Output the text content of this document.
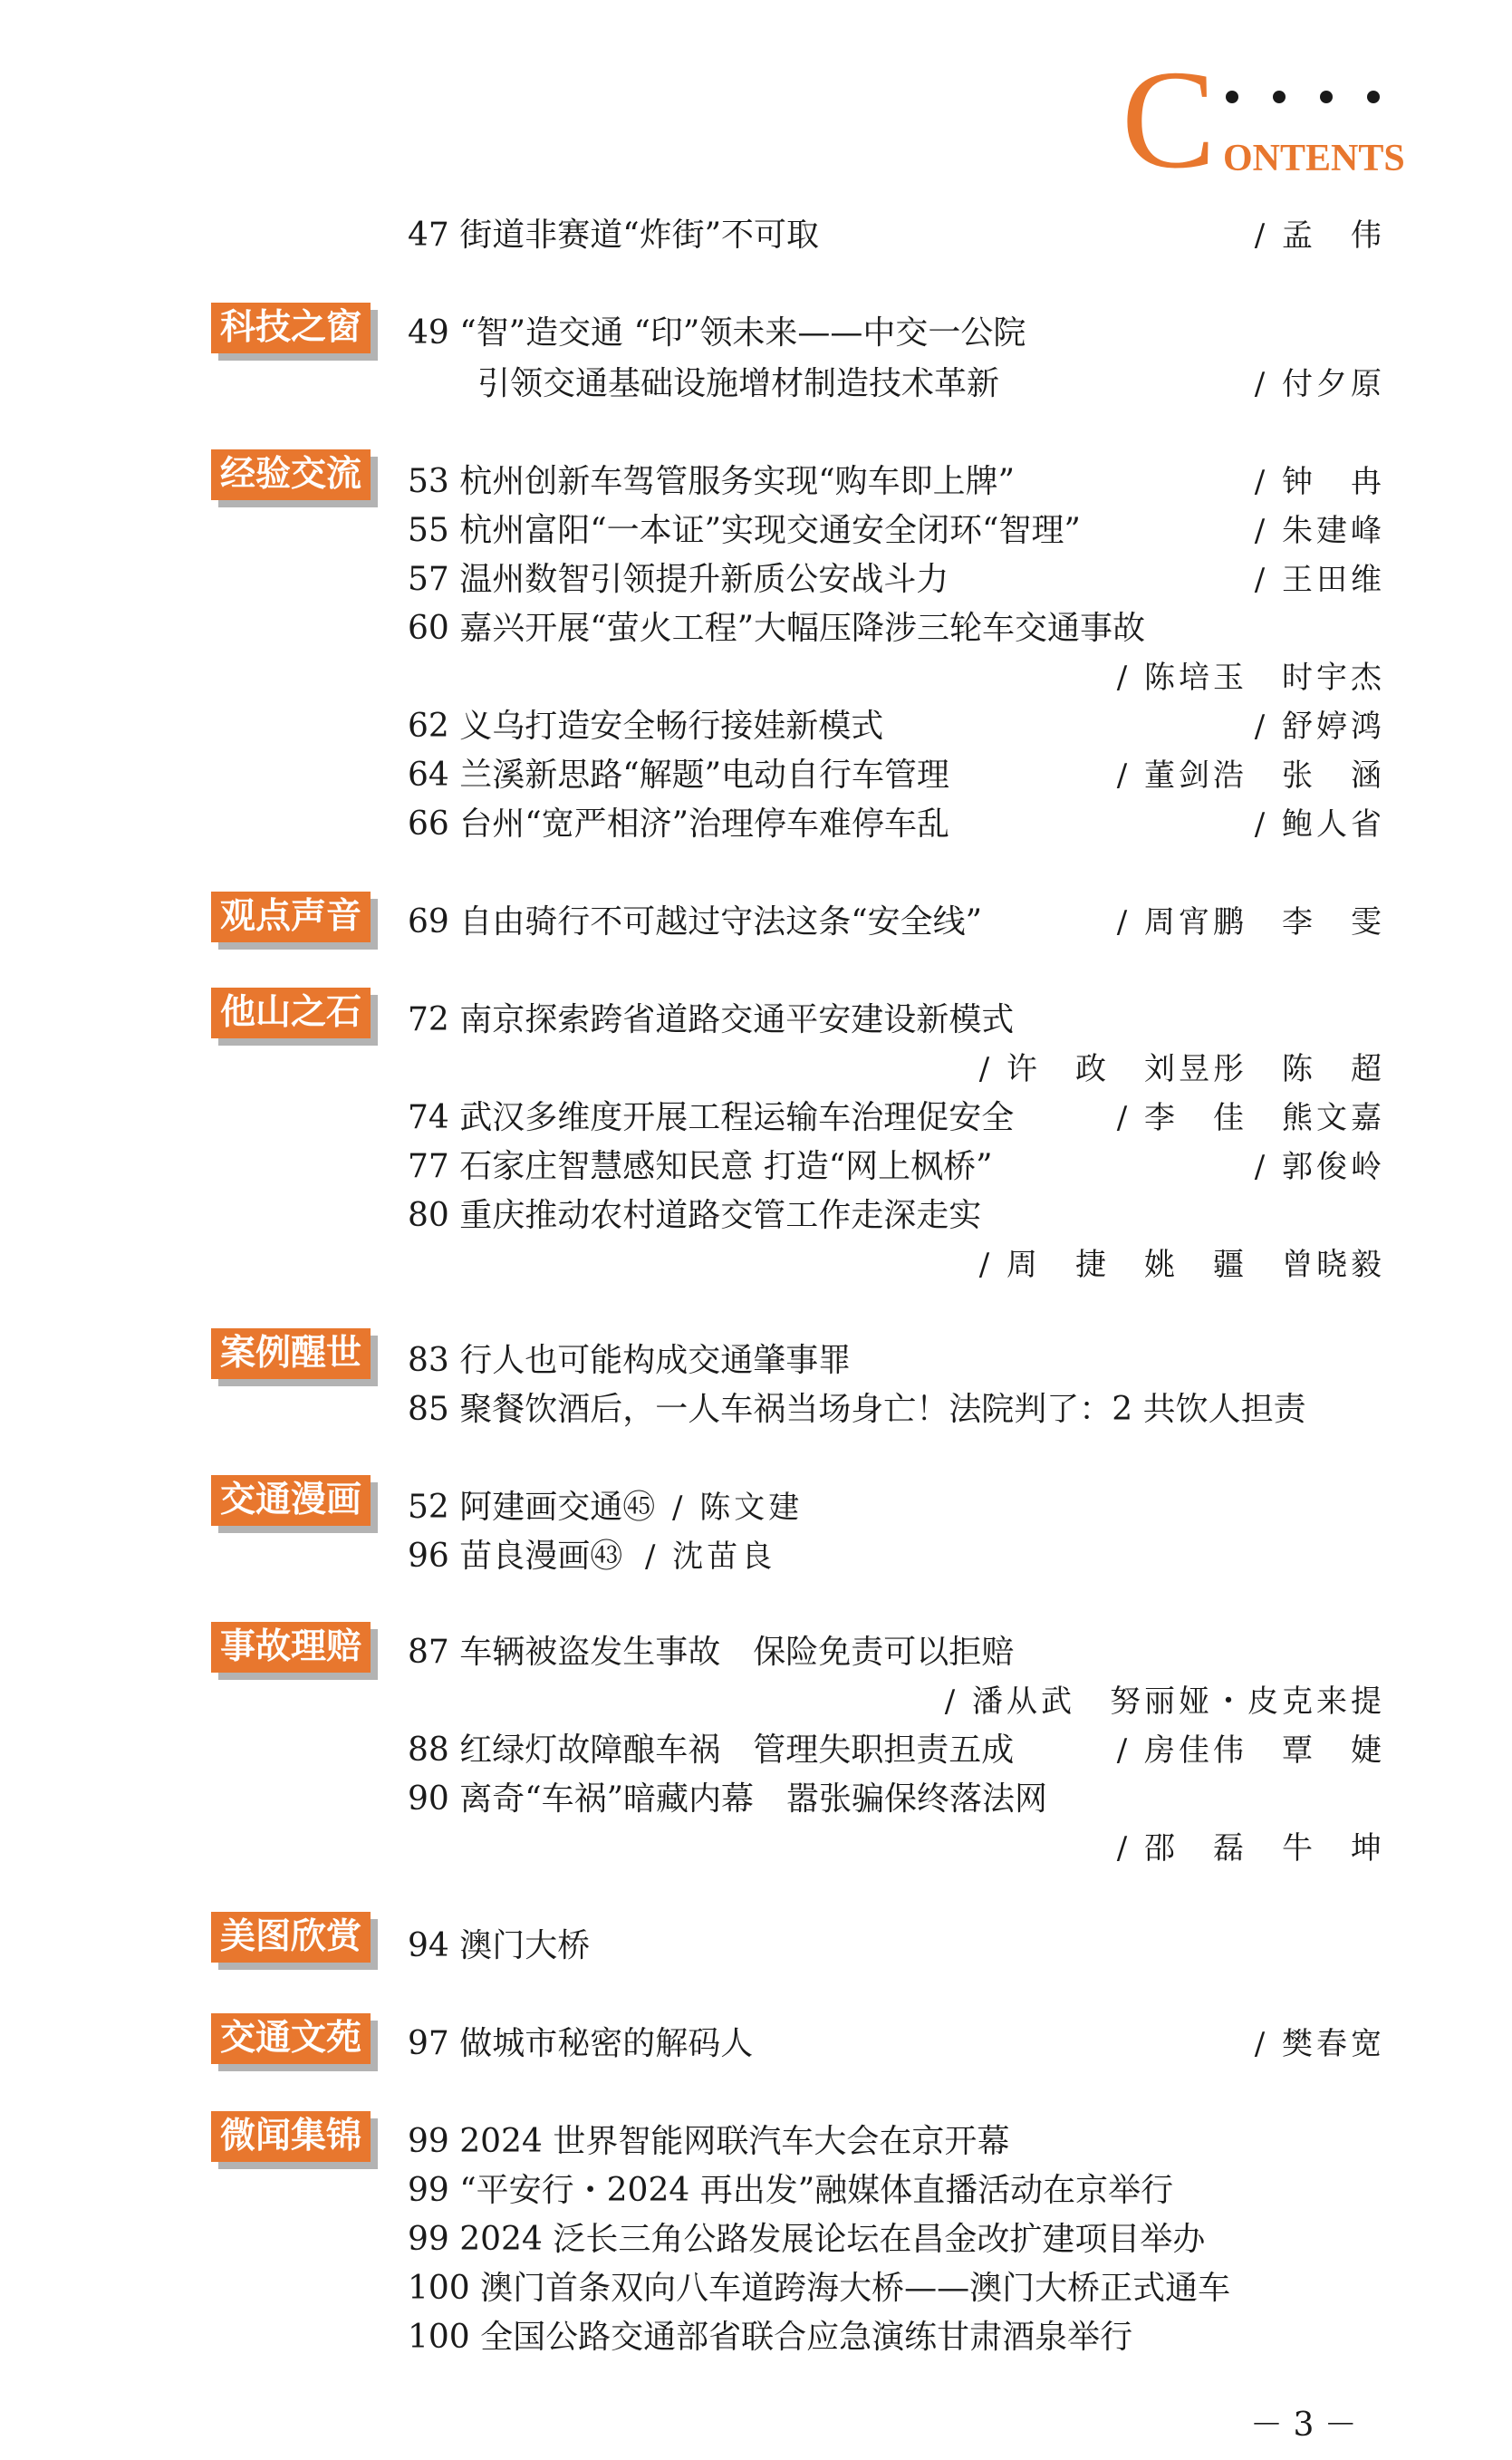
C ONTENTS
47 街道非赛道“炸街”不可取	/ 孟　伟
科技之窗 49 “智”造交通 “印”领未来——中交一公院
引领交通基础设施增材制造技术革新	/ 付夕原
经验交流 53 杭州创新车驾管服务实现“购车即上牌”	/ 钟　冉
55 杭州富阳“一本证”实现交通安全闭环“智理”	/ 朱建峰
57 温州数智引领提升新质公安战斗力	/ 王田维
60 嘉兴开展“萤火工程”大幅压降涉三轮车交通事故
/ 陈培玉　时宇杰
62 义乌打造安全畅行接娃新模式	/ 舒婷鸿
64 兰溪新思路“解题”电动自行车管理	/ 董剑浩　张　涵
66 台州“宽严相济”治理停车难停车乱	/ 鲍人省
观点声音 69 自由骑行不可越过守法这条“安全线”	/ 周宵鹏　李　雯
他山之石 72 南京探索跨省道路交通平安建设新模式
/ 许　政　刘昱彤　陈　超
74 武汉多维度开展工程运输车治理促安全	/ 李　佳　熊文嘉
77 石家庄智慧感知民意 打造“网上枫桥”	/ 郭俊岭
80 重庆推动农村道路交管工作走深走实
/ 周　捷　姚　疆　曾晓毅
案例醒世 83 行人也可能构成交通肇事罪
85 聚餐饮酒后，一人车祸当场身亡！法院判了：2 共饮人担责
交通漫画 52 阿建画交通㊺ / 陈文建
96 苗良漫画㊸ / 沈苗良
事故理赔 87 车辆被盗发生事故　保险免责可以拒赔
/ 潘从武　努丽娅・皮克来提
88 红绿灯故障酿车祸　管理失职担责五成	/ 房佳伟　覃　婕
90 离奇“车祸”暗藏内幕　嚣张骗保终落法网
/ 邵　磊　牛　坤
美图欣赏 94 澳门大桥
交通文苑 97 做城市秘密的解码人	/ 樊春宽
微闻集锦 99 2024 世界智能网联汽车大会在京开幕
99 “平安行・2024 再出发”融媒体直播活动在京举行
99 2024 泛长三角公路发展论坛在昌金改扩建项目举办
100 澳门首条双向八车道跨海大桥——澳门大桥正式通车
100 全国公路交通部省联合应急演练甘肃酒泉举行
－ 3 －
